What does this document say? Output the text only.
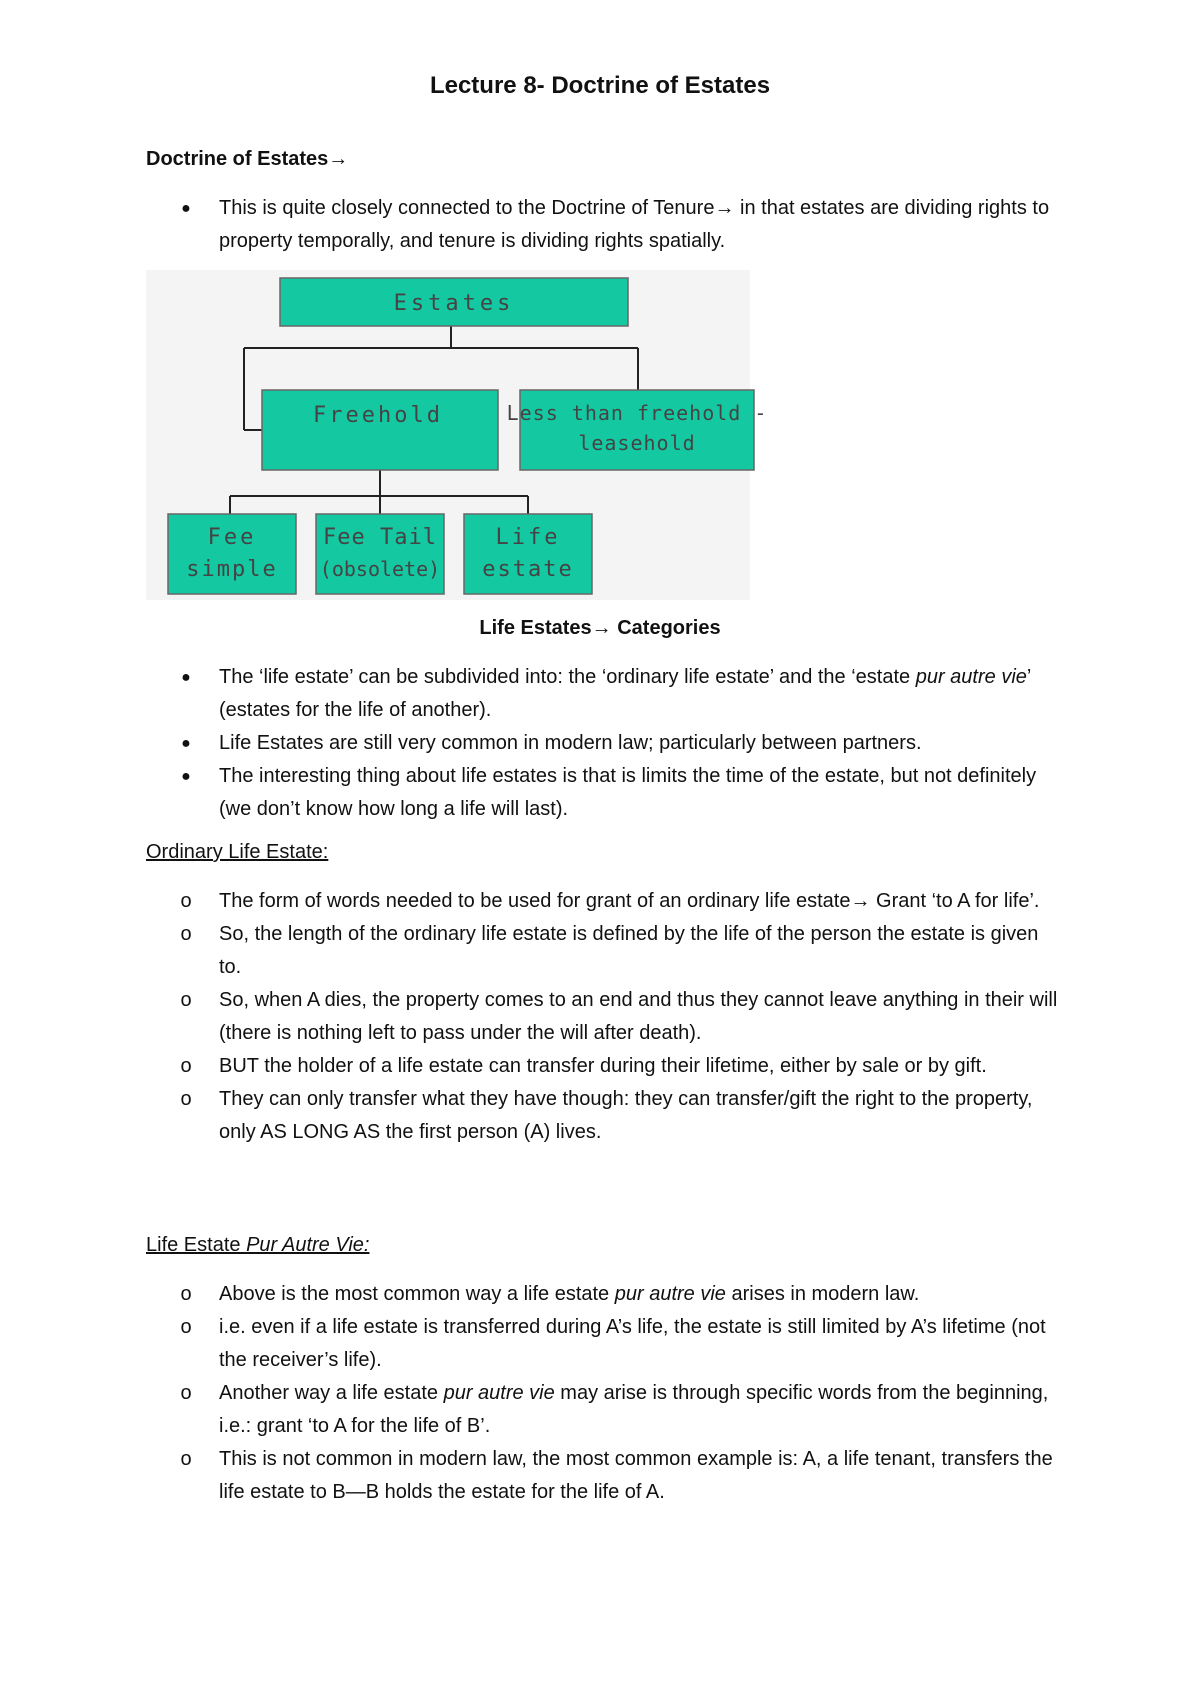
Lecture 8- Doctrine of Estates
Doctrine of Estates→
● This is quite closely connected to the Doctrine of Tenure→ in that estates are dividing rights to property temporally, and tenure is dividing rights spatially.
Estates
Freehold	Less than freehold -
leasehold
Fee
simple
Fee Tail
(obsolete)
Life
estate
Life Estates→ Categories
● The ‘life estate’ can be subdivided into: the ‘ordinary life estate’ and the ‘estate pur autre vie’ (estates for the life of another).
● Life Estates are still very common in modern law; particularly between partners.
● The interesting thing about life estates is that is limits the time of the estate, but not definitely (we don’t know how long a life will last).
Ordinary Life Estate:
o The form of words needed to be used for grant of an ordinary life estate→ Grant ‘to A for life’.
o So, the length of the ordinary life estate is defined by the life of the person the estate is given to.
o So, when A dies, the property comes to an end and thus they cannot leave anything in their will (there is nothing left to pass under the will after death).
o BUT the holder of a life estate can transfer during their lifetime, either by sale or by gift.
o They can only transfer what they have though: they can transfer/gift the right to the property, only AS LONG AS the first person (A) lives.
Life Estate Pur Autre Vie:
o Above is the most common way a life estate pur autre vie arises in modern law.
o i.e. even if a life estate is transferred during A’s life, the estate is still limited by A’s lifetime (not the receiver’s life).
o Another way a life estate pur autre vie may arise is through specific words from the beginning, i.e.: grant ‘to A for the life of B’.
o This is not common in modern law, the most common example is: A, a life tenant, transfers the life estate to B—B holds the estate for the life of A.
